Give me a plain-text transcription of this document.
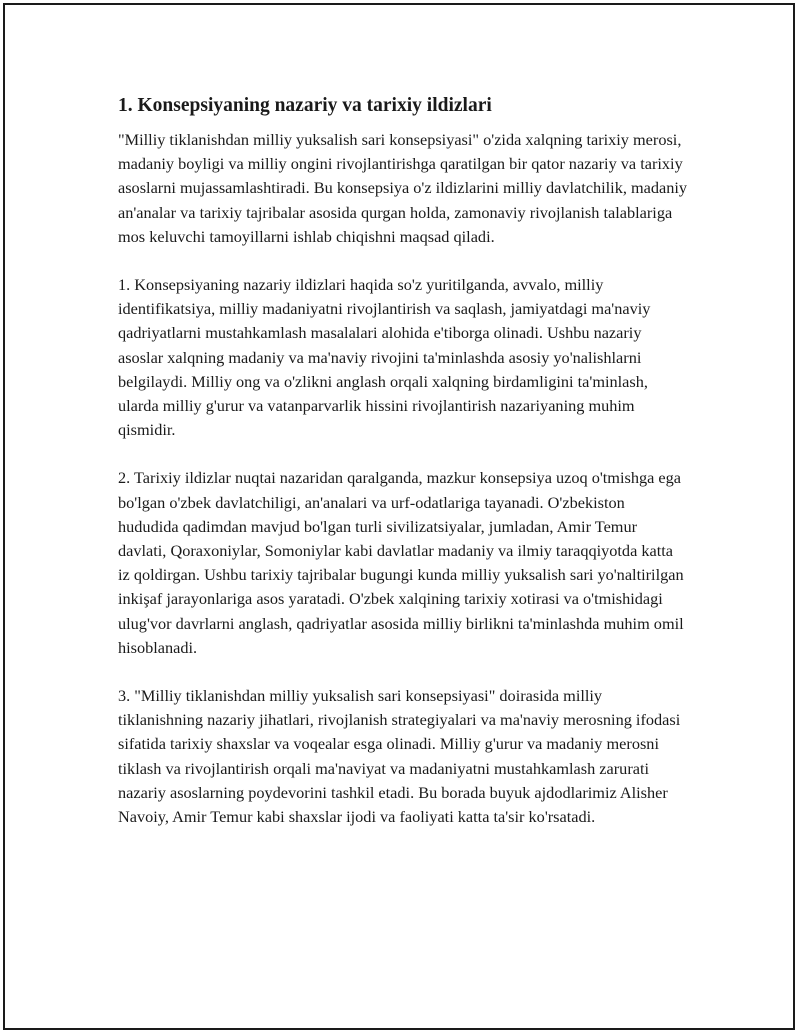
1. Konsepsiyaning nazariy va tarixiy ildizlari

"Milliy tiklanishdan milliy yuksalish sari konsepsiyasi" o'zida xalqning tarixiy merosi, madaniy boyligi va milliy ongini rivojlantirishga qaratilgan bir qator nazariy va tarixiy asoslarni mujassamlashtiradi. Bu konsepsiya o'z ildizlarini milliy davlatchilik, madaniy an'analar va tarixiy tajribalar asosida qurgan holda, zamonaviy rivojlanish talablariga mos keluvchi tamoyillarni ishlab chiqishni maqsad qiladi.

1. Konsepsiyaning nazariy ildizlari haqida so'z yuritilganda, avvalo, milliy identifikatsiya, milliy madaniyatni rivojlantirish va saqlash, jamiyatdagi ma'naviy qadriyatlarni mustahkamlash masalalari alohida e'tiborga olinadi. Ushbu nazariy asoslar xalqning madaniy va ma'naviy rivojini ta'minlashda asosiy yo'nalishlarni belgilaydi. Milliy ong va o'zlikni anglash orqali xalqning birdamligini ta'minlash, ularda milliy g'urur va vatanparvarlik hissini rivojlantirish nazariyaning muhim qismidir.

2. Tarixiy ildizlar nuqtai nazaridan qaralganda, mazkur konsepsiya uzoq o'tmishga ega bo'lgan o'zbek davlatchiligi, an'analari va urf-odatlariga tayanadi. O'zbekiston hududida qadimdan mavjud bo'lgan turli sivilizatsiyalar, jumladan, Amir Temur davlati, Qoraxoniylar, Somoniylar kabi davlatlar madaniy va ilmiy taraqqiyotda katta iz qoldirgan. Ushbu tarixiy tajribalar bugungi kunda milliy yuksalish sari yo'naltirilgan inkişaf jarayonlariga asos yaratadi. O'zbek xalqining tarixiy xotirasi va o'tmishidagi ulug'vor davrlarni anglash, qadriyatlar asosida milliy birlikni ta'minlashda muhim omil hisoblanadi.

3. "Milliy tiklanishdan milliy yuksalish sari konsepsiyasi" doirasida milliy tiklanishning nazariy jihatlari, rivojlanish strategiyalari va ma'naviy merosning ifodasi sifatida tarixiy shaxslar va voqealar esga olinadi. Milliy g'urur va madaniy merosni tiklash va rivojlantirish orqali ma'naviyat va madaniyatni mustahkamlash zarurati nazariy asoslarning poydevorini tashkil etadi. Bu borada buyuk ajdodlarimiz Alisher Navoiy, Amir Temur kabi shaxslar ijodi va faoliyati katta ta'sir ko'rsatadi.
